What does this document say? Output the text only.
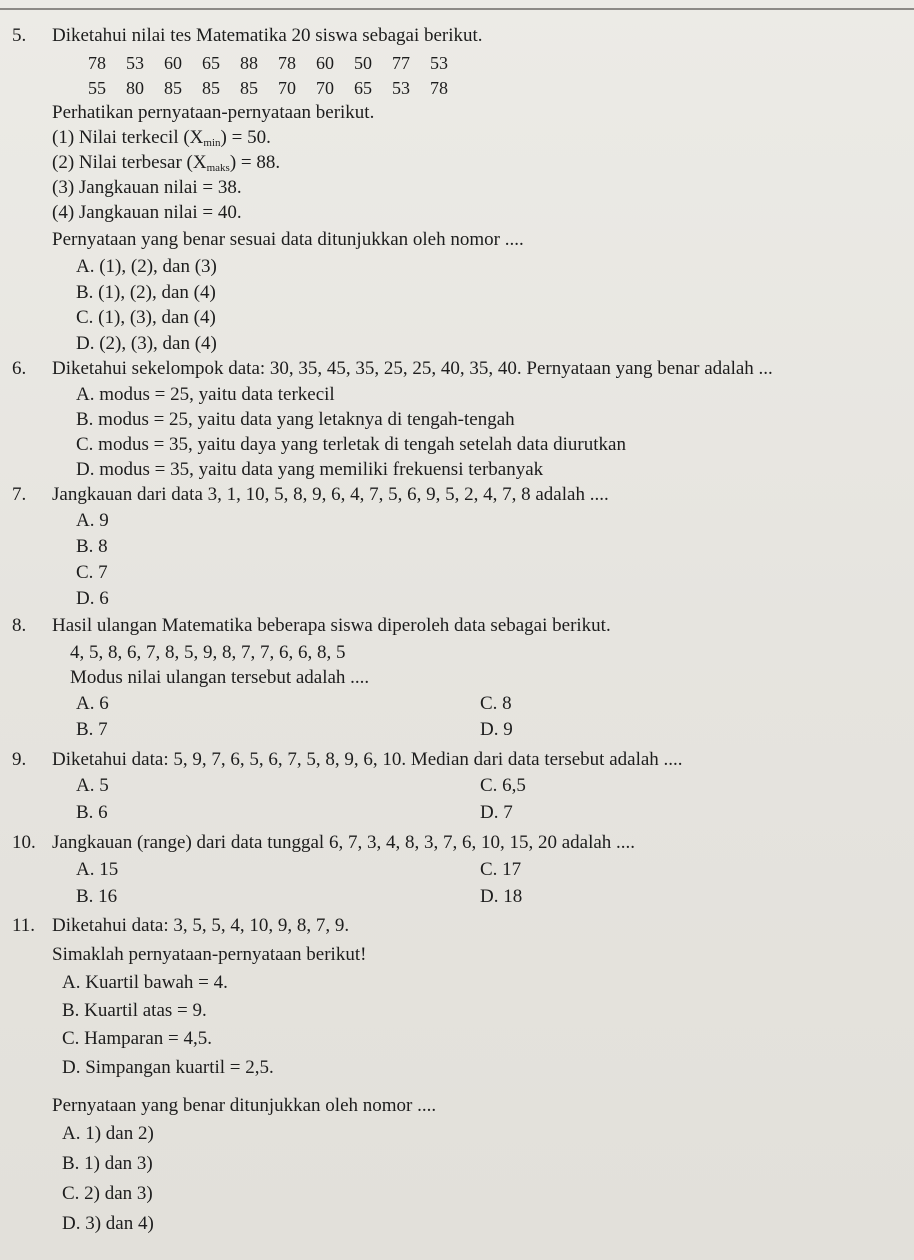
5. Diketahui nilai tes Matematika 20 siswa sebagai berikut.
78 53 60 65 88 78 60 50 77 53
55 80 85 85 85 70 70 65 53 78
Perhatikan pernyataan-pernyataan berikut.
(1) Nilai terkecil $(X_{min}) = 50$.
(2) Nilai terbesar $(X_{maks}) = 88$.
(3) Jangkauan nilai = 38.
(4) Jangkauan nilai = 40.
Pernyataan yang benar sesuai data ditunjukkan oleh nomor ....
A. (1), (2), dan (3)
B. (1), (2), dan (4)
C. (1), (3), dan (4)
D. (2), (3), dan (4)
6. Diketahui sekelompok data: 30, 35, 45, 35, 25, 25, 40, 35, 40. Pernyataan yang benar adalah ...
A. modus = 25, yaitu data terkecil
B. modus = 25, yaitu data yang letaknya di tengah-tengah
C. modus = 35, yaitu daya yang terletak di tengah setelah data diurutkan
D. modus = 35, yaitu data yang memiliki frekuensi terbanyak
7. Jangkauan dari data 3, 1, 10, 5, 8, 9, 6, 4, 7, 5, 6, 9, 5, 2, 4, 7, 8 adalah ....
A. 9
B. 8
C. 7
D. 6
8. Hasil ulangan Matematika beberapa siswa diperoleh data sebagai berikut.
4, 5, 8, 6, 7, 8, 5, 9, 8, 7, 7, 6, 6, 8, 5
Modus nilai ulangan tersebut adalah ....
A. 6	C. 8
B. 7	D. 9
9. Diketahui data: 5, 9, 7, 6, 5, 6, 7, 5, 8, 9, 6, 10. Median dari data tersebut adalah ....
A. 5	C. 6,5
B. 6	D. 7
10. Jangkauan (range) dari data tunggal 6, 7, 3, 4, 8, 3, 7, 6, 10, 15, 20 adalah ....
A. 15	C. 17
B. 16	D. 18
11. Diketahui data: 3, 5, 5, 4, 10, 9, 8, 7, 9.
Simaklah pernyataan-pernyataan berikut!
A. Kuartil bawah = 4.
B. Kuartil atas = 9.
C. Hamparan = 4,5.
D. Simpangan kuartil = 2,5.
Pernyataan yang benar ditunjukkan oleh nomor ....
A. 1) dan 2)
B. 1) dan 3)
C. 2) dan 3)
D. 3) dan 4)
